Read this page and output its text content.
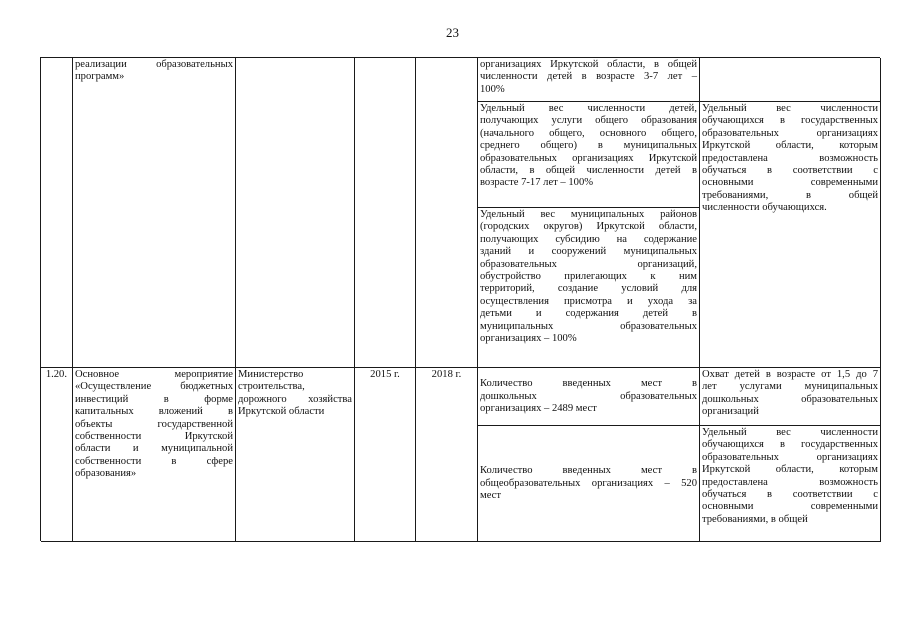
23
реализации образовательных
программ»
организациях Иркутской области, в общей
численности детей в возрасте 3-7 лет –
100%
Удельный вес численности детей,
получающих услуги общего образования
(начального общего, основного общего,
среднего общего) в муниципальных
образовательных организациях Иркутской
области, в общей численности детей в
возрасте 7-17 лет – 100%
Удельный вес муниципальных районов
(городских округов) Иркутской области,
получающих субсидию на содержание
зданий и сооружений муниципальных
образовательных организаций,
обустройство прилегающих к ним
территорий, создание условий для
осуществления присмотра и ухода за
детьми и содержания детей в
муниципальных образовательных
организациях – 100%
Удельный вес численности
обучающихся в государственных
образовательных организациях
Иркутской области, которым
предоставлена возможность
обучаться в соответствии с
основными современными
требованиями, в общей
численности обучающихся.
1.20. Основное мероприятие
«Осуществление бюджетных
инвестиций в форме
капитальных вложений в
объекты государственной
собственности Иркутской
области и муниципальной
собственности в сфере
образования»
Министерство
строительства,
дорожного хозяйства
Иркутской области
2015 г.	2018 г.
Количество введенных мест в
дошкольных образовательных
организациях – 2489 мест
Охват детей в возрасте от 1,5 до 7
лет услугами муниципальных
дошкольных образовательных
организаций
Количество введенных мест в
общеобразовательных организациях – 520
мест
Удельный вес численности
обучающихся в государственных
образовательных организациях
Иркутской области, которым
предоставлена возможность
обучаться в соответствии с
основными современными
требованиями, в общей
